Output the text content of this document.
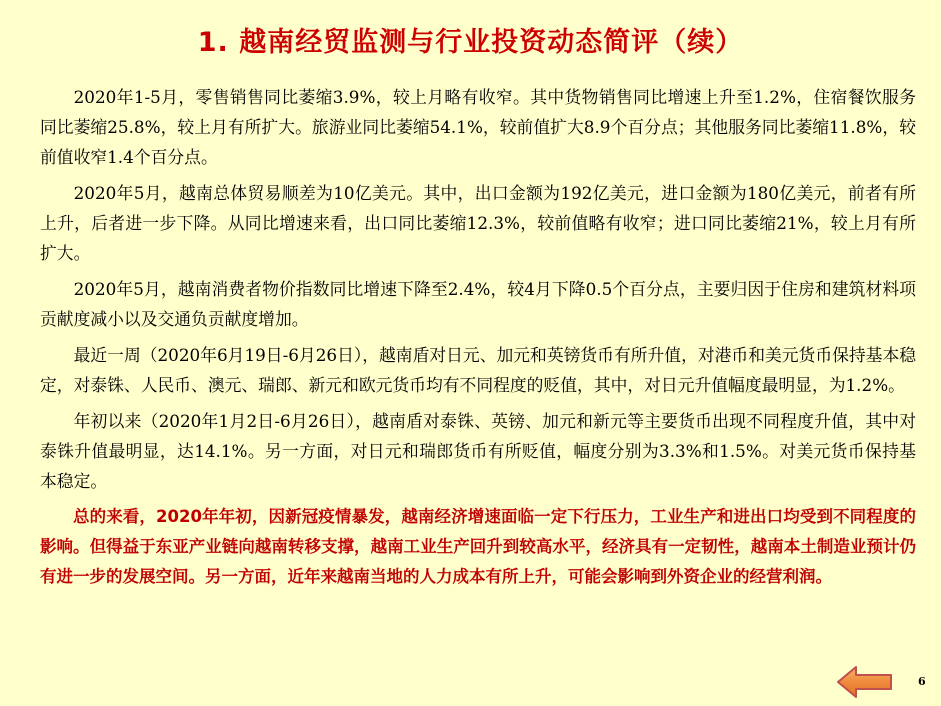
1. 越南经贸监测与行业投资动态简评（续）

2020年1-5月，零售销售同比萎缩3.9%，较上月略有收窄。其中货物销售同比增速上升至1.2%，住宿餐饮服务同比萎缩25.8%，较上月有所扩大。旅游业同比萎缩54.1%，较前值扩大8.9个百分点；其他服务同比萎缩11.8%，较前值收窄1.4个百分点。

2020年5月，越南总体贸易顺差为10亿美元。其中，出口金额为192亿美元，进口金额为180亿美元，前者有所上升，后者进一步下降。从同比增速来看，出口同比萎缩12.3%，较前值略有收窄；进口同比萎缩21%，较上月有所扩大。

2020年5月，越南消费者物价指数同比增速下降至2.4%，较4月下降0.5个百分点，主要归因于住房和建筑材料项贡献度减小以及交通负贡献度增加。

最近一周（2020年6月19日-6月26日），越南盾对日元、加元和英镑货币有所升值，对港币和美元货币保持基本稳定，对泰铢、人民币、澳元、瑞郎、新元和欧元货币均有不同程度的贬值，其中，对日元升值幅度最明显，为1.2%。

年初以来（2020年1月2日-6月26日），越南盾对泰铢、英镑、加元和新元等主要货币出现不同程度升值，其中对泰铢升值最明显，达14.1%。另一方面，对日元和瑞郎货币有所贬值，幅度分别为3.3%和1.5%。对美元货币保持基本稳定。

总的来看，2020年年初，因新冠疫情暴发，越南经济增速面临一定下行压力，工业生产和进出口均受到不同程度的影响。但得益于东亚产业链向越南转移支撑，越南工业生产回升到较高水平，经济具有一定韧性，越南本土制造业预计仍有进一步的发展空间。另一方面，近年来越南当地的人力成本有所上升，可能会影响到外资企业的经营利润。

6
